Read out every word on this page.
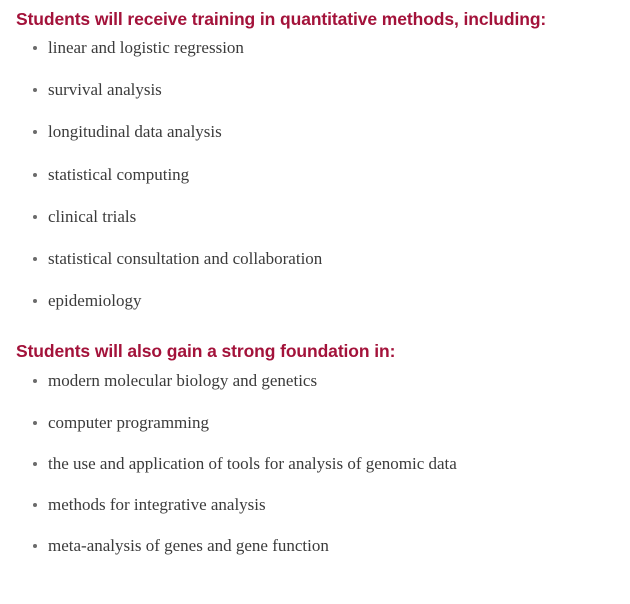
Students will receive training in quantitative methods, including:
linear and logistic regression
survival analysis
longitudinal data analysis
statistical computing
clinical trials
statistical consultation and collaboration
epidemiology
Students will also gain a strong foundation in:
modern molecular biology and genetics
computer programming
the use and application of tools for analysis of genomic data
methods for integrative analysis
meta-analysis of genes and gene function
